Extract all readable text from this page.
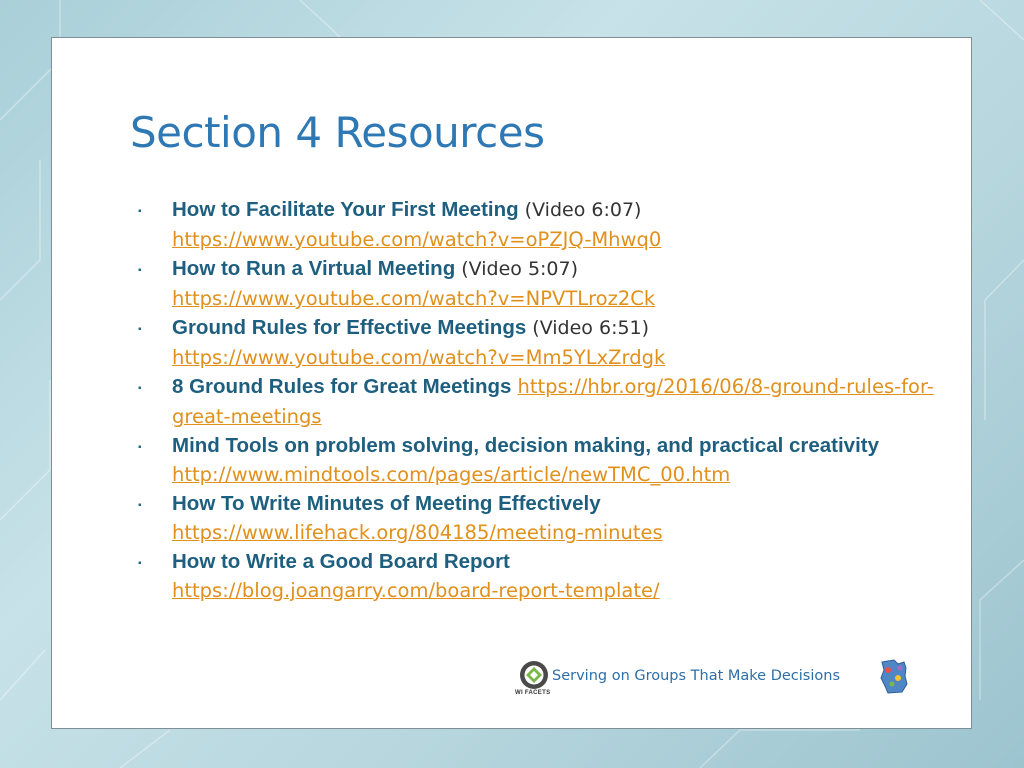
Section 4 Resources
▪ How to Facilitate Your First Meeting (Video 6:07)
https://www.youtube.com/watch?v=oPZJQ-Mhwq0
▪ How to Run a Virtual Meeting (Video 5:07)
https://www.youtube.com/watch?v=NPVTLroz2Ck
▪ Ground Rules for Effective Meetings (Video 6:51)
https://www.youtube.com/watch?v=Mm5YLxZrdgk
▪ 8 Ground Rules for Great Meetings https://hbr.org/2016/06/8-ground-rules-for-great-meetings
▪ Mind Tools on problem solving, decision making, and practical creativity
http://www.mindtools.com/pages/article/newTMC_00.htm
▪ How To Write Minutes of Meeting Effectively
https://www.lifehack.org/804185/meeting-minutes
▪ How to Write a Good Board Report
https://blog.joangarry.com/board-report-template/
WI FACETS
Serving on Groups That Make Decisions
